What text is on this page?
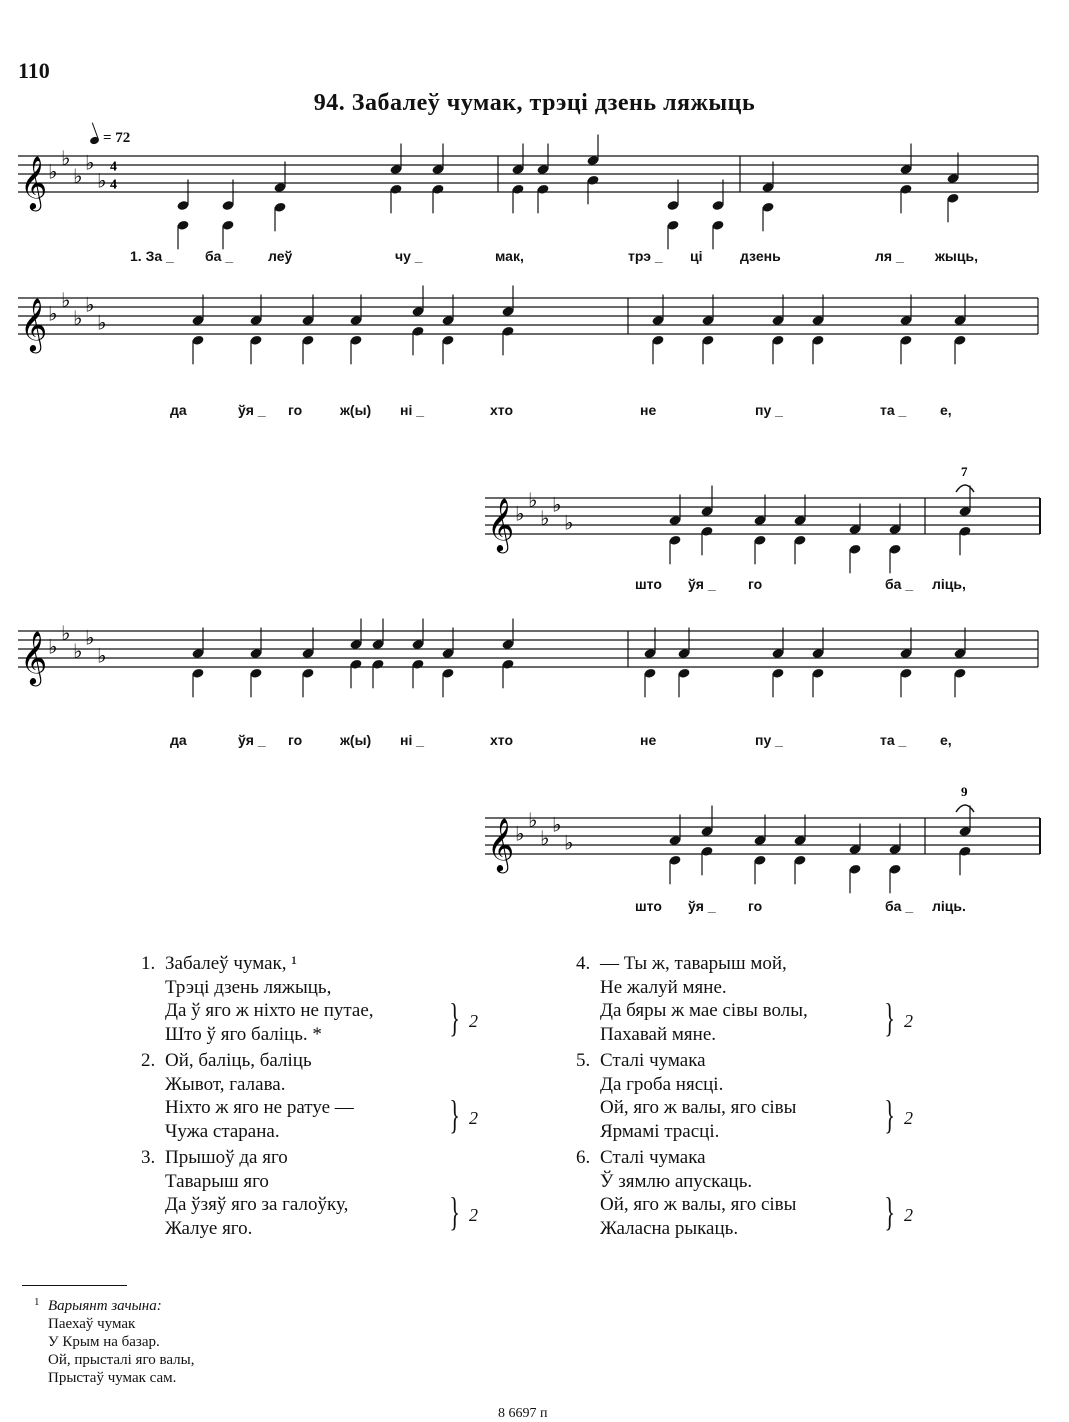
110
94. Забалеў чумак, трэці дзень ляжыць
= 72
𝄞 ♭
♭
♭
♭
♭
4
4
𝄞 ♭
♭
♭
♭
♭
𝄞 ♭
♭
♭
♭
♭
7
𝄞 ♭
♭
♭
♭
♭
𝄞 ♭
♭
♭
♭
♭
9
1. За _ ба _ леў	чу _	мак,	трэ _ ці	дзень	ля _ жыць,
да	ўя _ го	ж(ы) ні _	хто	не	пу _	та _ е,
што ўя _ го	ба _ ліць,
да	ўя _ го	ж(ы) ні _	хто	не	пу _	та _ е,
што ўя _ го	ба _ ліць.
1. Забалеў чумак, ¹
Трэці дзень ляжыць,
Да ў яго ж ніхто не путае,
Што ў яго баліць. *	} 2
2. Ой, баліць, баліць
Жывот, галава.
Ніхто ж яго не ратуе —
Чужа старана.	} 2
3. Прышоў да яго
Таварыш яго
Да ўзяў яго за галоўку,
Жалуе яго.	} 2
4. — Ты ж, таварыш мой,
Не жалуй мяне.
Да бяры ж мае сівы волы,
Пахавай мяне.	} 2
5. Сталі чумака
Да гроба нясці.
Ой, яго ж валы, яго сівы
Ярмамі трасці.	} 2
6. Сталі чумака
Ў зямлю апускаць.
Ой, яго ж валы, яго сівы
Жаласна рыкаць.	} 2
1 Варыянт зачына:
Паехаў чумак
У Крым на базар.
Ой, прысталі яго валы,
Прыстаў чумак сам.
8 6697 п
